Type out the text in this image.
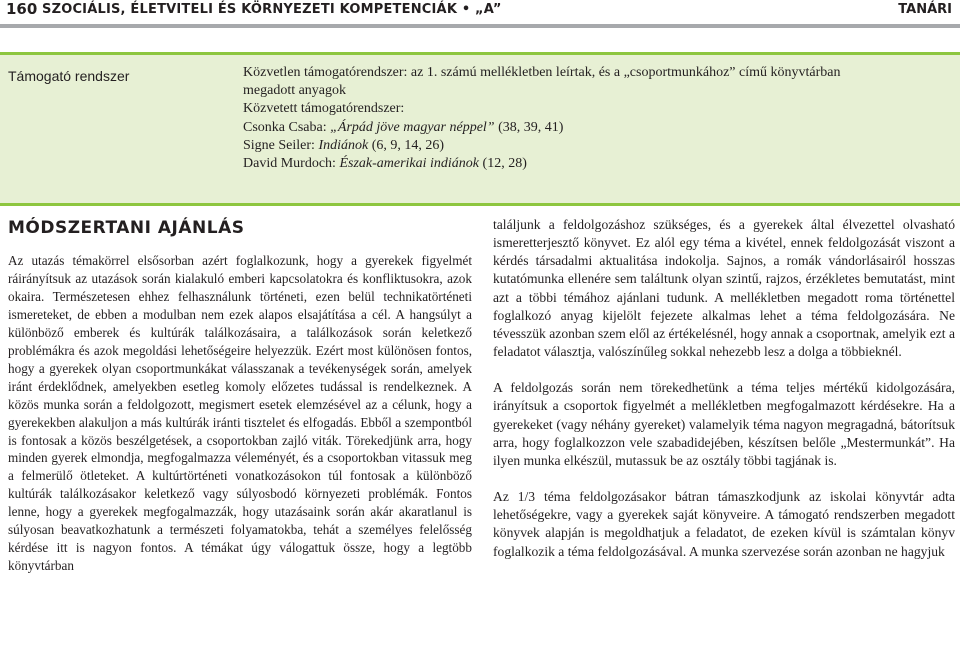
160 SZOCIÁLIS, ÉLETVITELI ÉS KÖRNYEZETI KOMPETENCIÁK • „A”	TANÁRI
Támogató rendszer	Közvetlen támogatórendszer: az 1. számú mellékletben leírtak, és a „csoportmunkához” című könyvtárban
megadott anyagok
Közvetett támogatórendszer:
Csonka Csaba: „Árpád jöve magyar néppel” (38, 39, 41)
Signe Seiler: Indiánok (6, 9, 14, 26)
David Murdoch: Észak-amerikai indiánok (12, 28)
MÓDSZERTANI AJÁNLÁS

Az utazás témakörrel elsősorban azért foglalkozunk, hogy a gyerekek figyelmét ráirányítsuk az utazások során kialakuló emberi kapcsolatokra és konfliktusokra, azok okaira. Természetesen ehhez felhasználunk történeti, ezen belül technikatörténeti ismereteket, de ebben a modulban nem ezek alapos elsajátítása a cél. A hangsúlyt a különböző emberek és kultúrák találkozásaira, a találkozások során keletkező problémákra és azok megoldási lehetőségeire helyezzük. Ezért most különösen fontos, hogy a gyerekek olyan csoportmunkákat válasszanak a tevékenységek során, amelyek iránt érdeklődnek, amelyekben esetleg komoly előzetes tudással is rendelkeznek. A közös munka során a feldolgozott, megismert esetek elemzésével az a célunk, hogy a gyerekekben alakuljon a más kultúrák iránti tisztelet és elfogadás. Ebből a szempontból is fontosak a közös beszélgetések, a csoportokban zajló viták. Törekedjünk arra, hogy minden gyerek elmondja, megfogalmazza véleményét, és a csoportokban vitassuk meg a felmerülő ötleteket. A kultúrtörténeti vonatkozásokon túl fontosak a különböző kultúrák találkozásakor keletkező vagy súlyosbodó környezeti problémák. Fontos lenne, hogy a gyerekek megfogalmazzák, hogy utazásaink során akár akaratlanul is súlyosan beavatkozhatunk a természeti folyamatokba, tehát a személyes felelősség kérdése itt is nagyon fontos. A témákat úgy válogattuk össze, hogy a legtöbb könyvtárban

találjunk a feldolgozáshoz szükséges, és a gyerekek által élvezettel olvasható ismeretterjesztő könyvet. Ez alól egy téma a kivétel, ennek feldolgozását viszont a kérdés társadalmi aktualitása indokolja. Sajnos, a romák vándorlásairól hosszas kutatómunka ellenére sem találtunk olyan szintű, rajzos, érzékletes bemutatást, mint azt a többi témához ajánlani tudunk. A mellékletben megadott roma történettel foglalkozó anyag kijelölt fejezete alkalmas lehet a téma feldolgozására. Ne tévesszük azonban szem elől az értékelésnél, hogy annak a csoportnak, amelyik ezt a feladatot választja, valószínűleg sokkal nehezebb lesz a dolga a többieknél.

A feldolgozás során nem törekedhetünk a téma teljes mértékű kidolgozására, irányítsuk a csoportok figyelmét a mellékletben megfogalmazott kérdésekre. Ha a gyerekeket (vagy néhány gyereket) valamelyik téma nagyon megragadná, bátorítsuk arra, hogy foglalkozzon vele szabadidejében, készítsen belőle „Mestermunkát”. Ha ilyen munka elkészül, mutassuk be az osztály többi tagjának is.

Az 1/3 téma feldolgozásakor bátran támaszkodjunk az iskolai könyvtár adta lehetőségekre, vagy a gyerekek saját könyveire. A támogató rendszerben megadott könyvek alapján is megoldhatjuk a feladatot, de ezeken kívül is számtalan könyv foglalkozik a téma feldolgozásával. A munka szervezése során azonban ne hagyjuk
